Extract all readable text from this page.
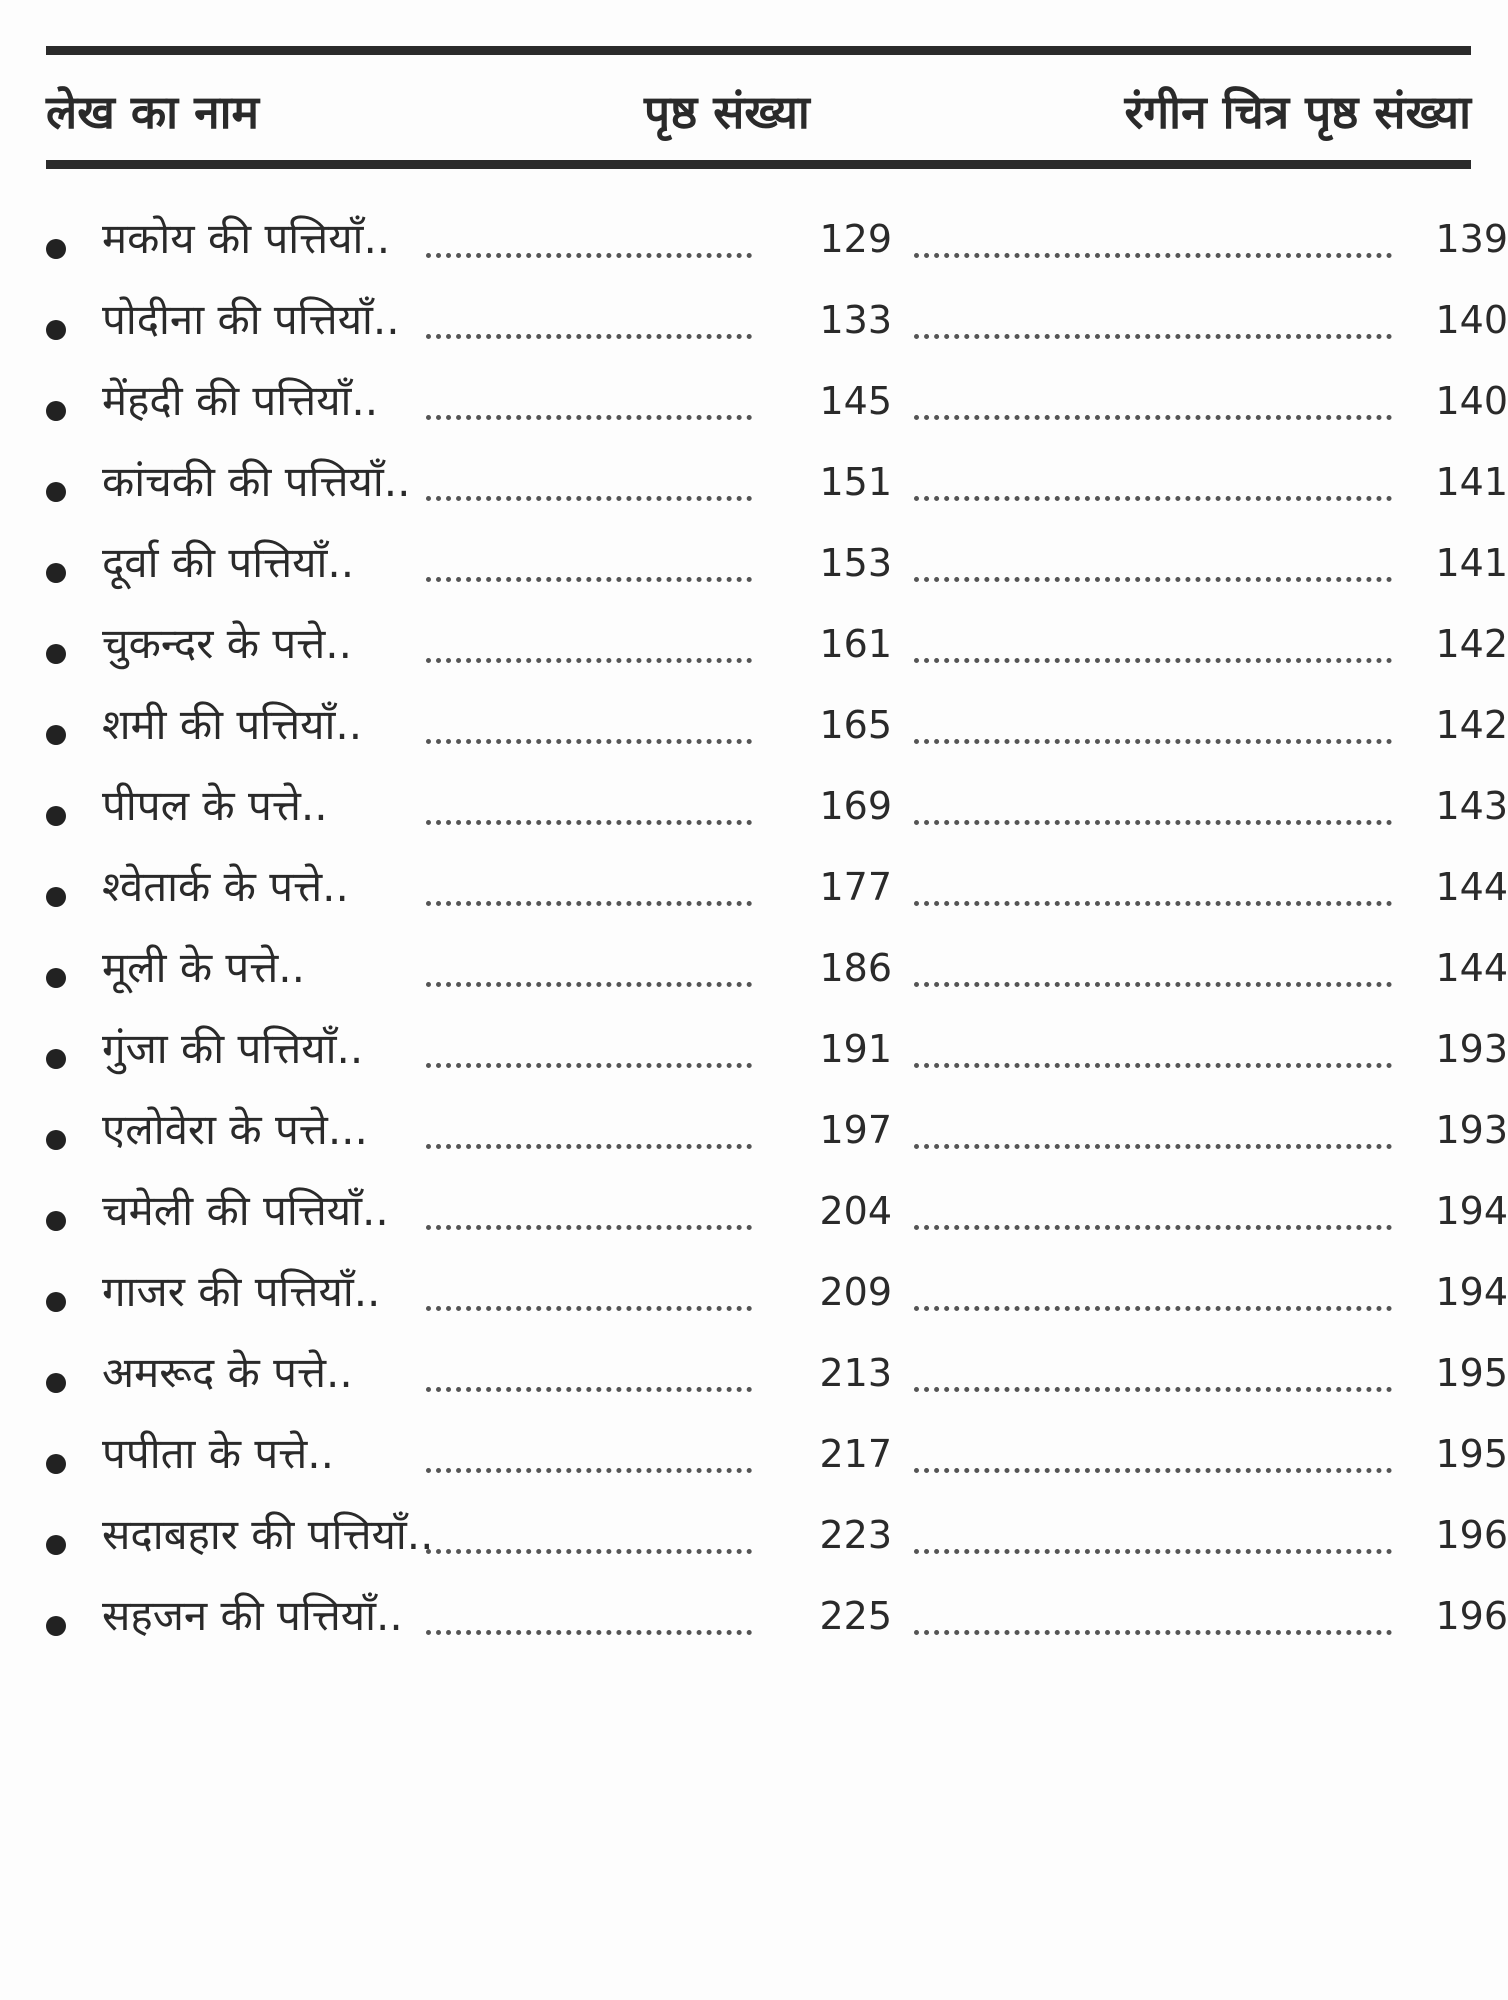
लेख का नाम	पृष्ठ संख्या	रंगीन चित्र पृष्ठ संख्या
मकोय की पत्तियाँ..	129	139
पोदीना की पत्तियाँ..	133	140
मेंहदी की पत्तियाँ..	145	140
कांचकी की पत्तियाँ..	151	141
दूर्वा की पत्तियाँ..	153	141
चुकन्दर के पत्ते..	161	142
शमी की पत्तियाँ..	165	142
पीपल के पत्ते..	169	143
श्वेतार्क के पत्ते..	177	144
मूली के पत्ते..	186	144
गुंजा की पत्तियाँ..	191	193
एलोवेरा के पत्ते...	197	193
चमेली की पत्तियाँ..	204	194
गाजर की पत्तियाँ..	209	194
अमरूद के पत्ते..	213	195
पपीता के पत्ते..	217	195
सदाबहार की पत्तियाँ..	223	196
सहजन की पत्तियाँ..	225	196
